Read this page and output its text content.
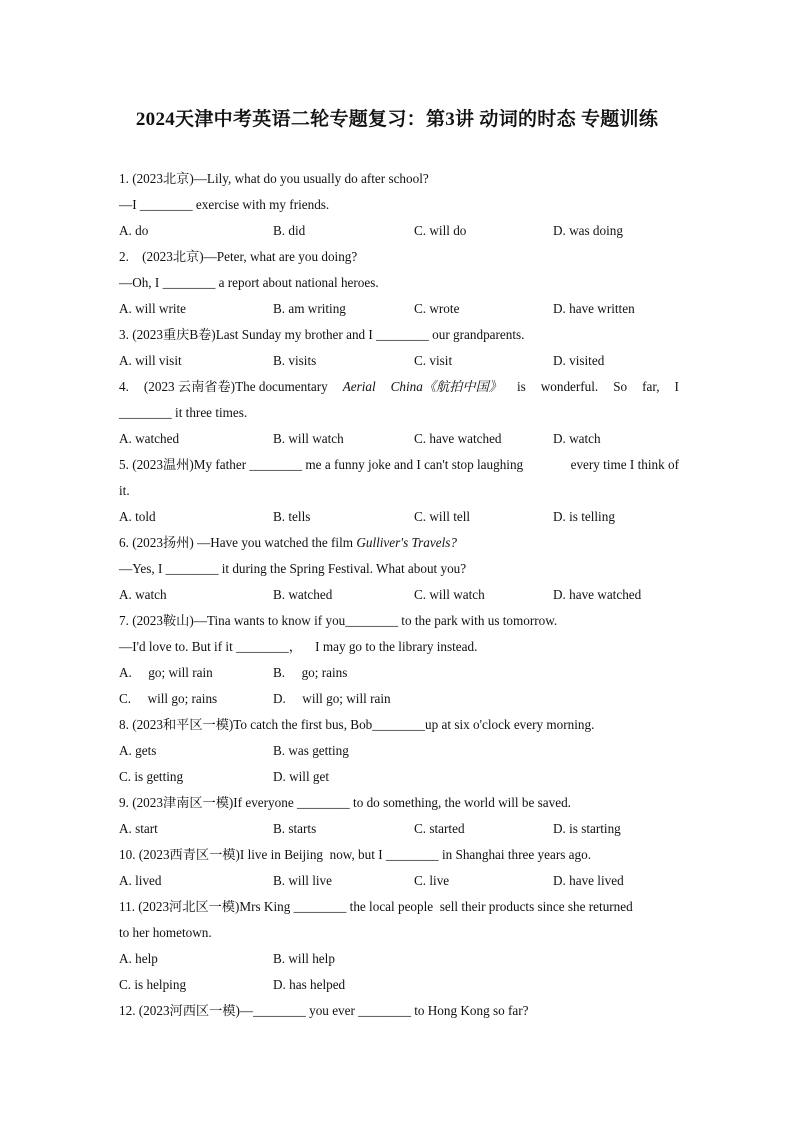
2024天津中考英语二轮专题复习：第3讲 动词的时态 专题训练
1. (2023北京)—Lily, what do you usually do after school?
—I ________ exercise with my friends.
A. do	B. did	C. will do	D. was doing
2.    (2023北京)—Peter, what are you doing?
—Oh, I ________ a report about national heroes.
A. will write	B. am writing	C. wrote	D. have written
3. (2023重庆B卷)Last Sunday my brother and I ________ our grandparents.
A. will visit	B. visits	C. visit	D. visited
4. (2023 云南省卷)The documentary Aerial China《航拍中国》 is wonderful. So far, I
________ it three times.
A. watched	B. will watch	C. have watched	D. watch
5. (2023温州)My father ________ me a funny joke and I can't stop laughing	every time I think of
it.
A. told	B. tells	C. will tell	D. is telling
6. (2023扬州) —Have you watched the film Gulliver's Travels?
—Yes, I ________ it during the Spring Festival. What about you?
A. watch	B. watched	C. will watch	D. have watched
7. (2023鞍山)—Tina wants to know if you________ to the park with us tomorrow.
—I'd love to. But if it ________，    I may go to the library instead.
A.     go; will rain	B.     go; rains
C.     will go; rains	D.     will go; will rain
8. (2023和平区一模)To catch the first bus, Bob________up at six o'clock every morning.
A. gets	B. was getting
C. is getting	D. will get
9. (2023津南区一模)If everyone ________ to do something, the world will be saved.
A. start	B. starts	C. started	D. is starting
10. (2023西青区一模)I live in Beijing  now, but I ________ in Shanghai three years ago.
A. lived	B. will live	C. live	D. have lived
11. (2023河北区一模)Mrs King ________ the local people  sell their products since she returned
to her hometown.
A. help	B. will help
C. is helping	D. has helped
12. (2023河西区一模)—________ you ever ________ to Hong Kong so far?
